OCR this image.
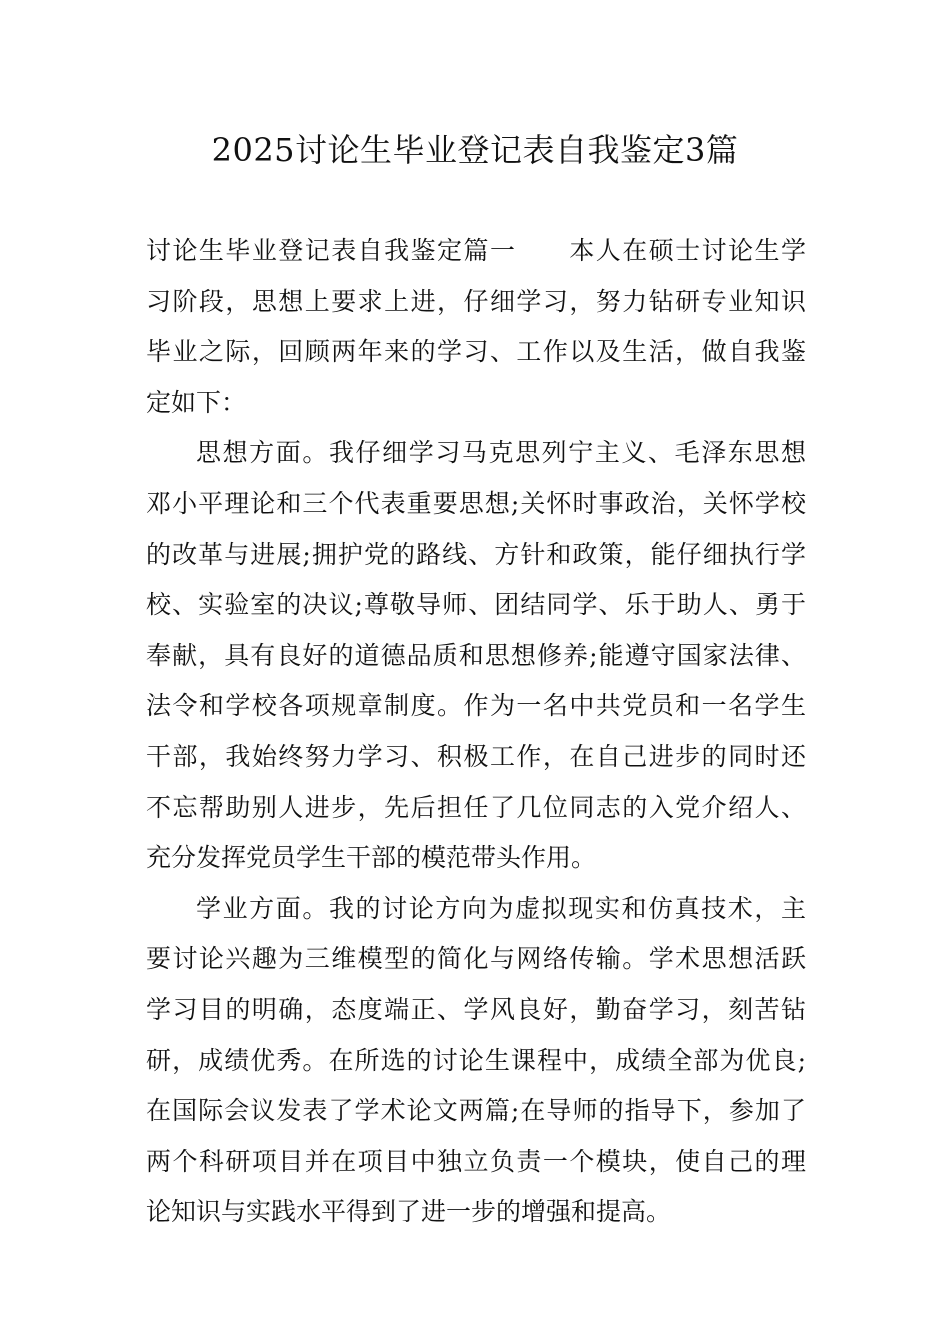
2025讨论生毕业登记表自我鉴定3篇
讨论生毕业登记表自我鉴定篇一　　本人在硕士讨论生学
习阶段，思想上要求上进，仔细学习，努力钻研专业知识
毕业之际，回顾两年来的学习、工作以及生活，做自我鉴
定如下：
思想方面。我仔细学习马克思列宁主义、毛泽东思想
邓小平理论和三个代表重要思想;关怀时事政治，关怀学校
的改革与进展;拥护党的路线、方针和政策，能仔细执行学
校、实验室的决议;尊敬导师、团结同学、乐于助人、勇于
奉献，具有良好的道德品质和思想修养;能遵守国家法律、
法令和学校各项规章制度。作为一名中共党员和一名学生
干部，我始终努力学习、积极工作，在自己进步的同时还
不忘帮助别人进步，先后担任了几位同志的入党介绍人、
充分发挥党员学生干部的模范带头作用。
学业方面。我的讨论方向为虚拟现实和仿真技术，主
要讨论兴趣为三维模型的简化与网络传输。学术思想活跃
学习目的明确，态度端正、学风良好，勤奋学习，刻苦钻
研，成绩优秀。在所选的讨论生课程中，成绩全部为优良;
在国际会议发表了学术论文两篇;在导师的指导下，参加了
两个科研项目并在项目中独立负责一个模块，使自己的理
论知识与实践水平得到了进一步的增强和提高。
